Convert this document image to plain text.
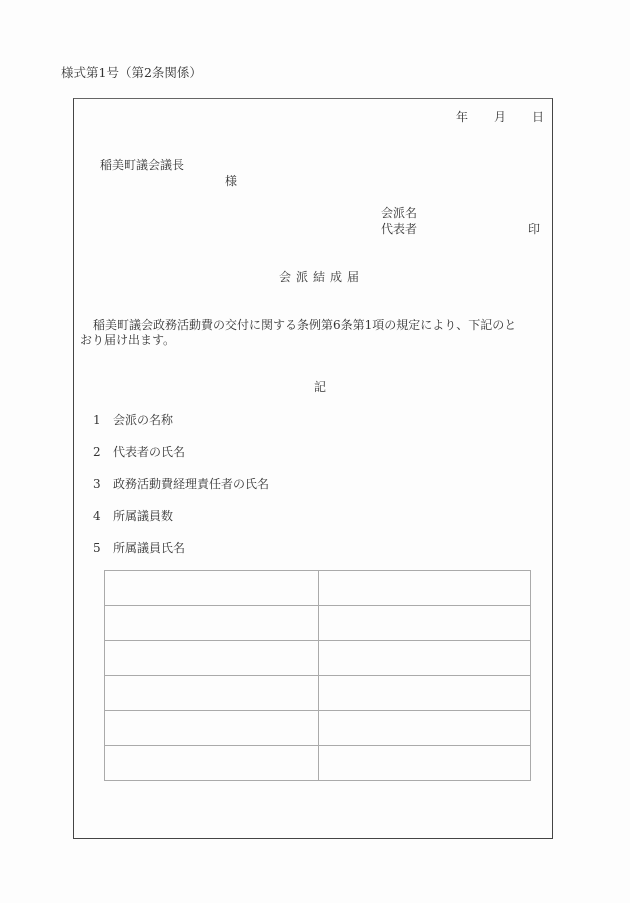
様式第1号（第2条関係）
年 月 日
稲美町議会議長
様
会派名
代表者	印
会派結成届
稲美町議会政務活動費の交付に関する条例第6条第1項の規定により、下記のと
おり届け出ます。
記
1 会派の名称
2 代表者の氏名
3 政務活動費経理責任者の氏名
4 所属議員数
5 所属議員氏名
